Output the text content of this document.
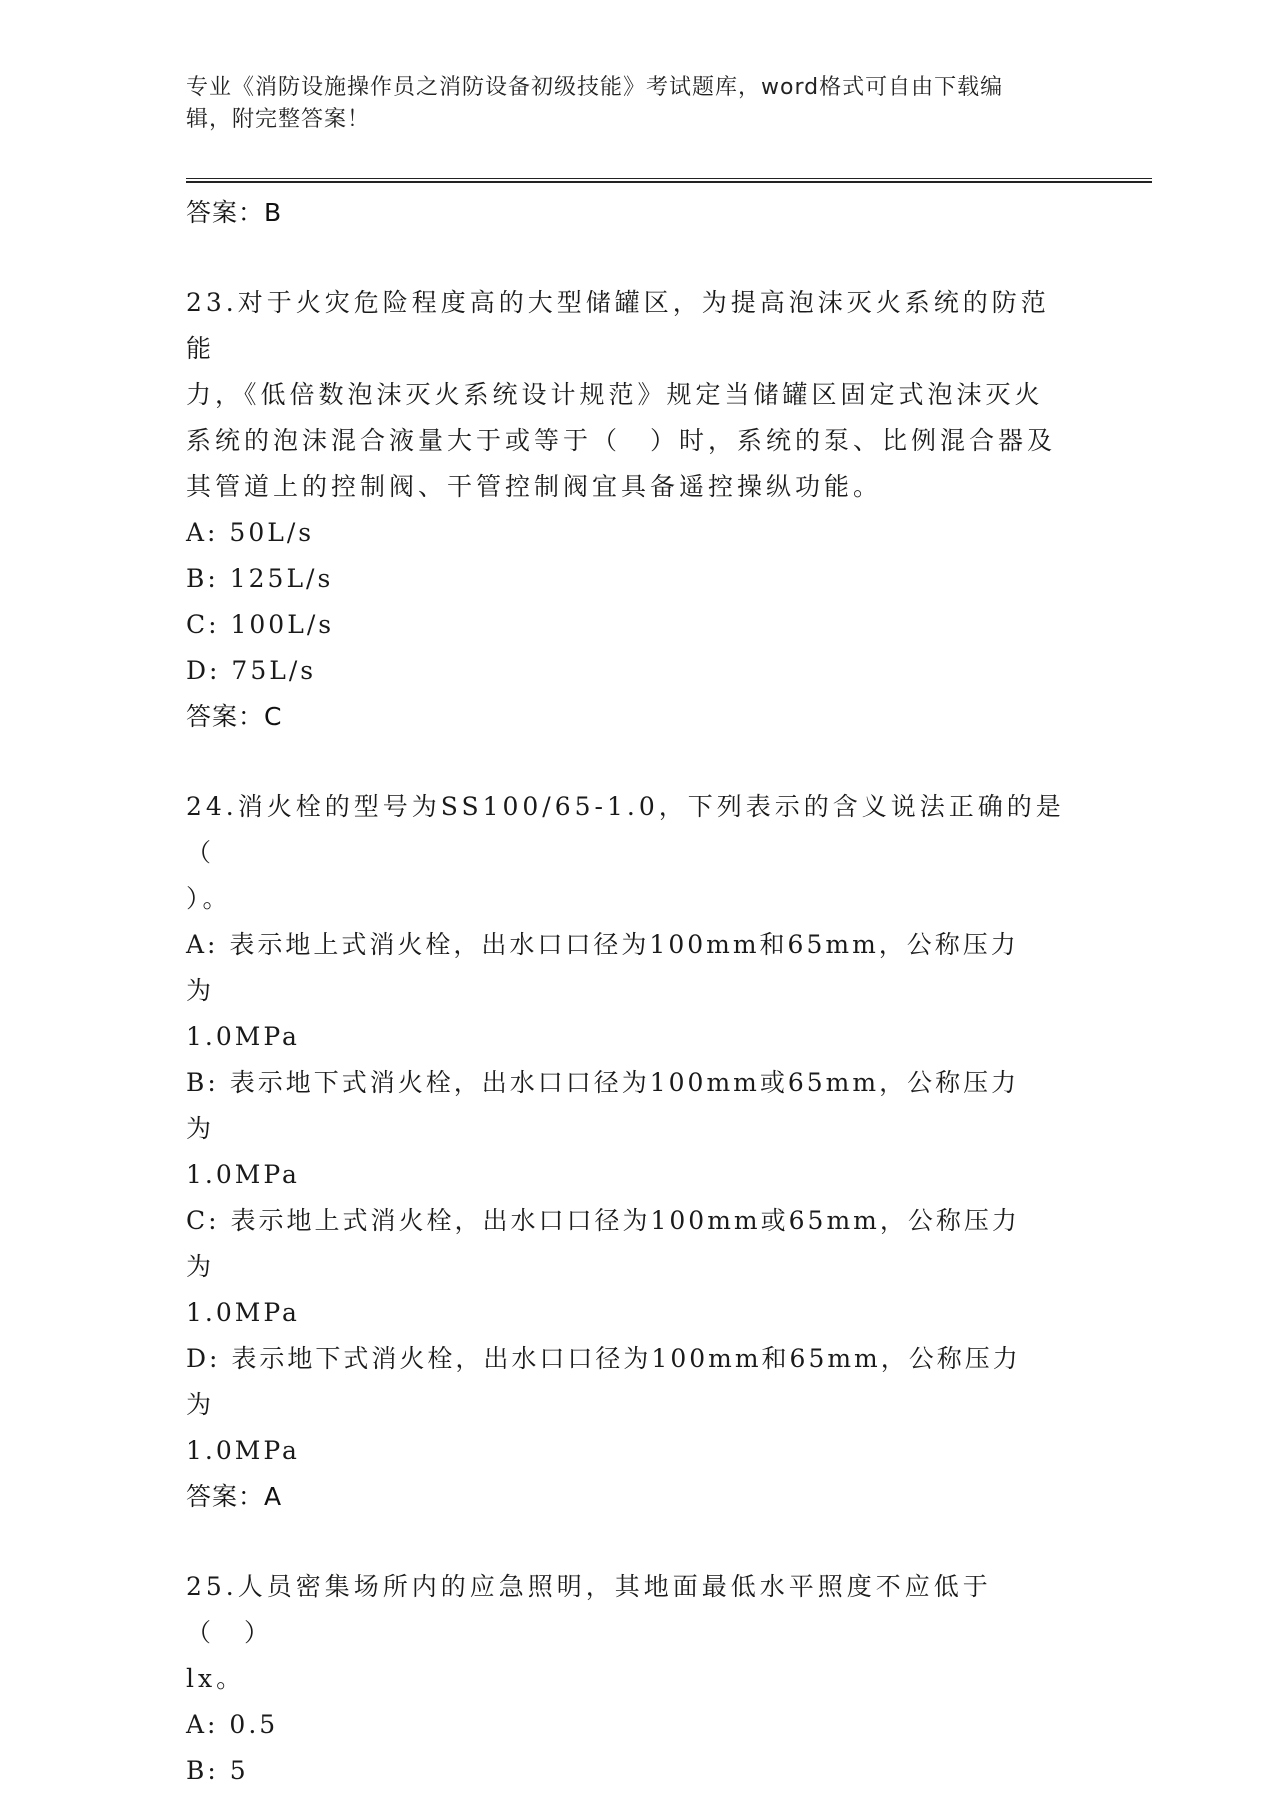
专业《消防设施操作员之消防设备初级技能》考试题库，word格式可自由下载编
辑，附完整答案！
答案：B
23.对于火灾危险程度高的大型储罐区，为提高泡沫灭火系统的防范能
力，《低倍数泡沫灭火系统设计规范》规定当储罐区固定式泡沫灭火
系统的泡沫混合液量大于或等于（　）时，系统的泵、比例混合器及
其管道上的控制阀、干管控制阀宜具备遥控操纵功能。
A: 50L/s
B: 125L/s
C: 100L/s
D: 75L/s
答案：C
24.消火栓的型号为SS100/65-1.0，下列表示的含义说法正确的是（
）。
A: 表示地上式消火栓，出水口口径为100mm和65mm，公称压力为
1.0MPa
B: 表示地下式消火栓，出水口口径为100mm或65mm，公称压力为
1.0MPa
C: 表示地上式消火栓，出水口口径为100mm或65mm，公称压力为
1.0MPa
D: 表示地下式消火栓，出水口口径为100mm和65mm，公称压力为
1.0MPa
答案：A
25.人员密集场所内的应急照明，其地面最低水平照度不应低于（　）
lx。
A: 0.5
B: 5
